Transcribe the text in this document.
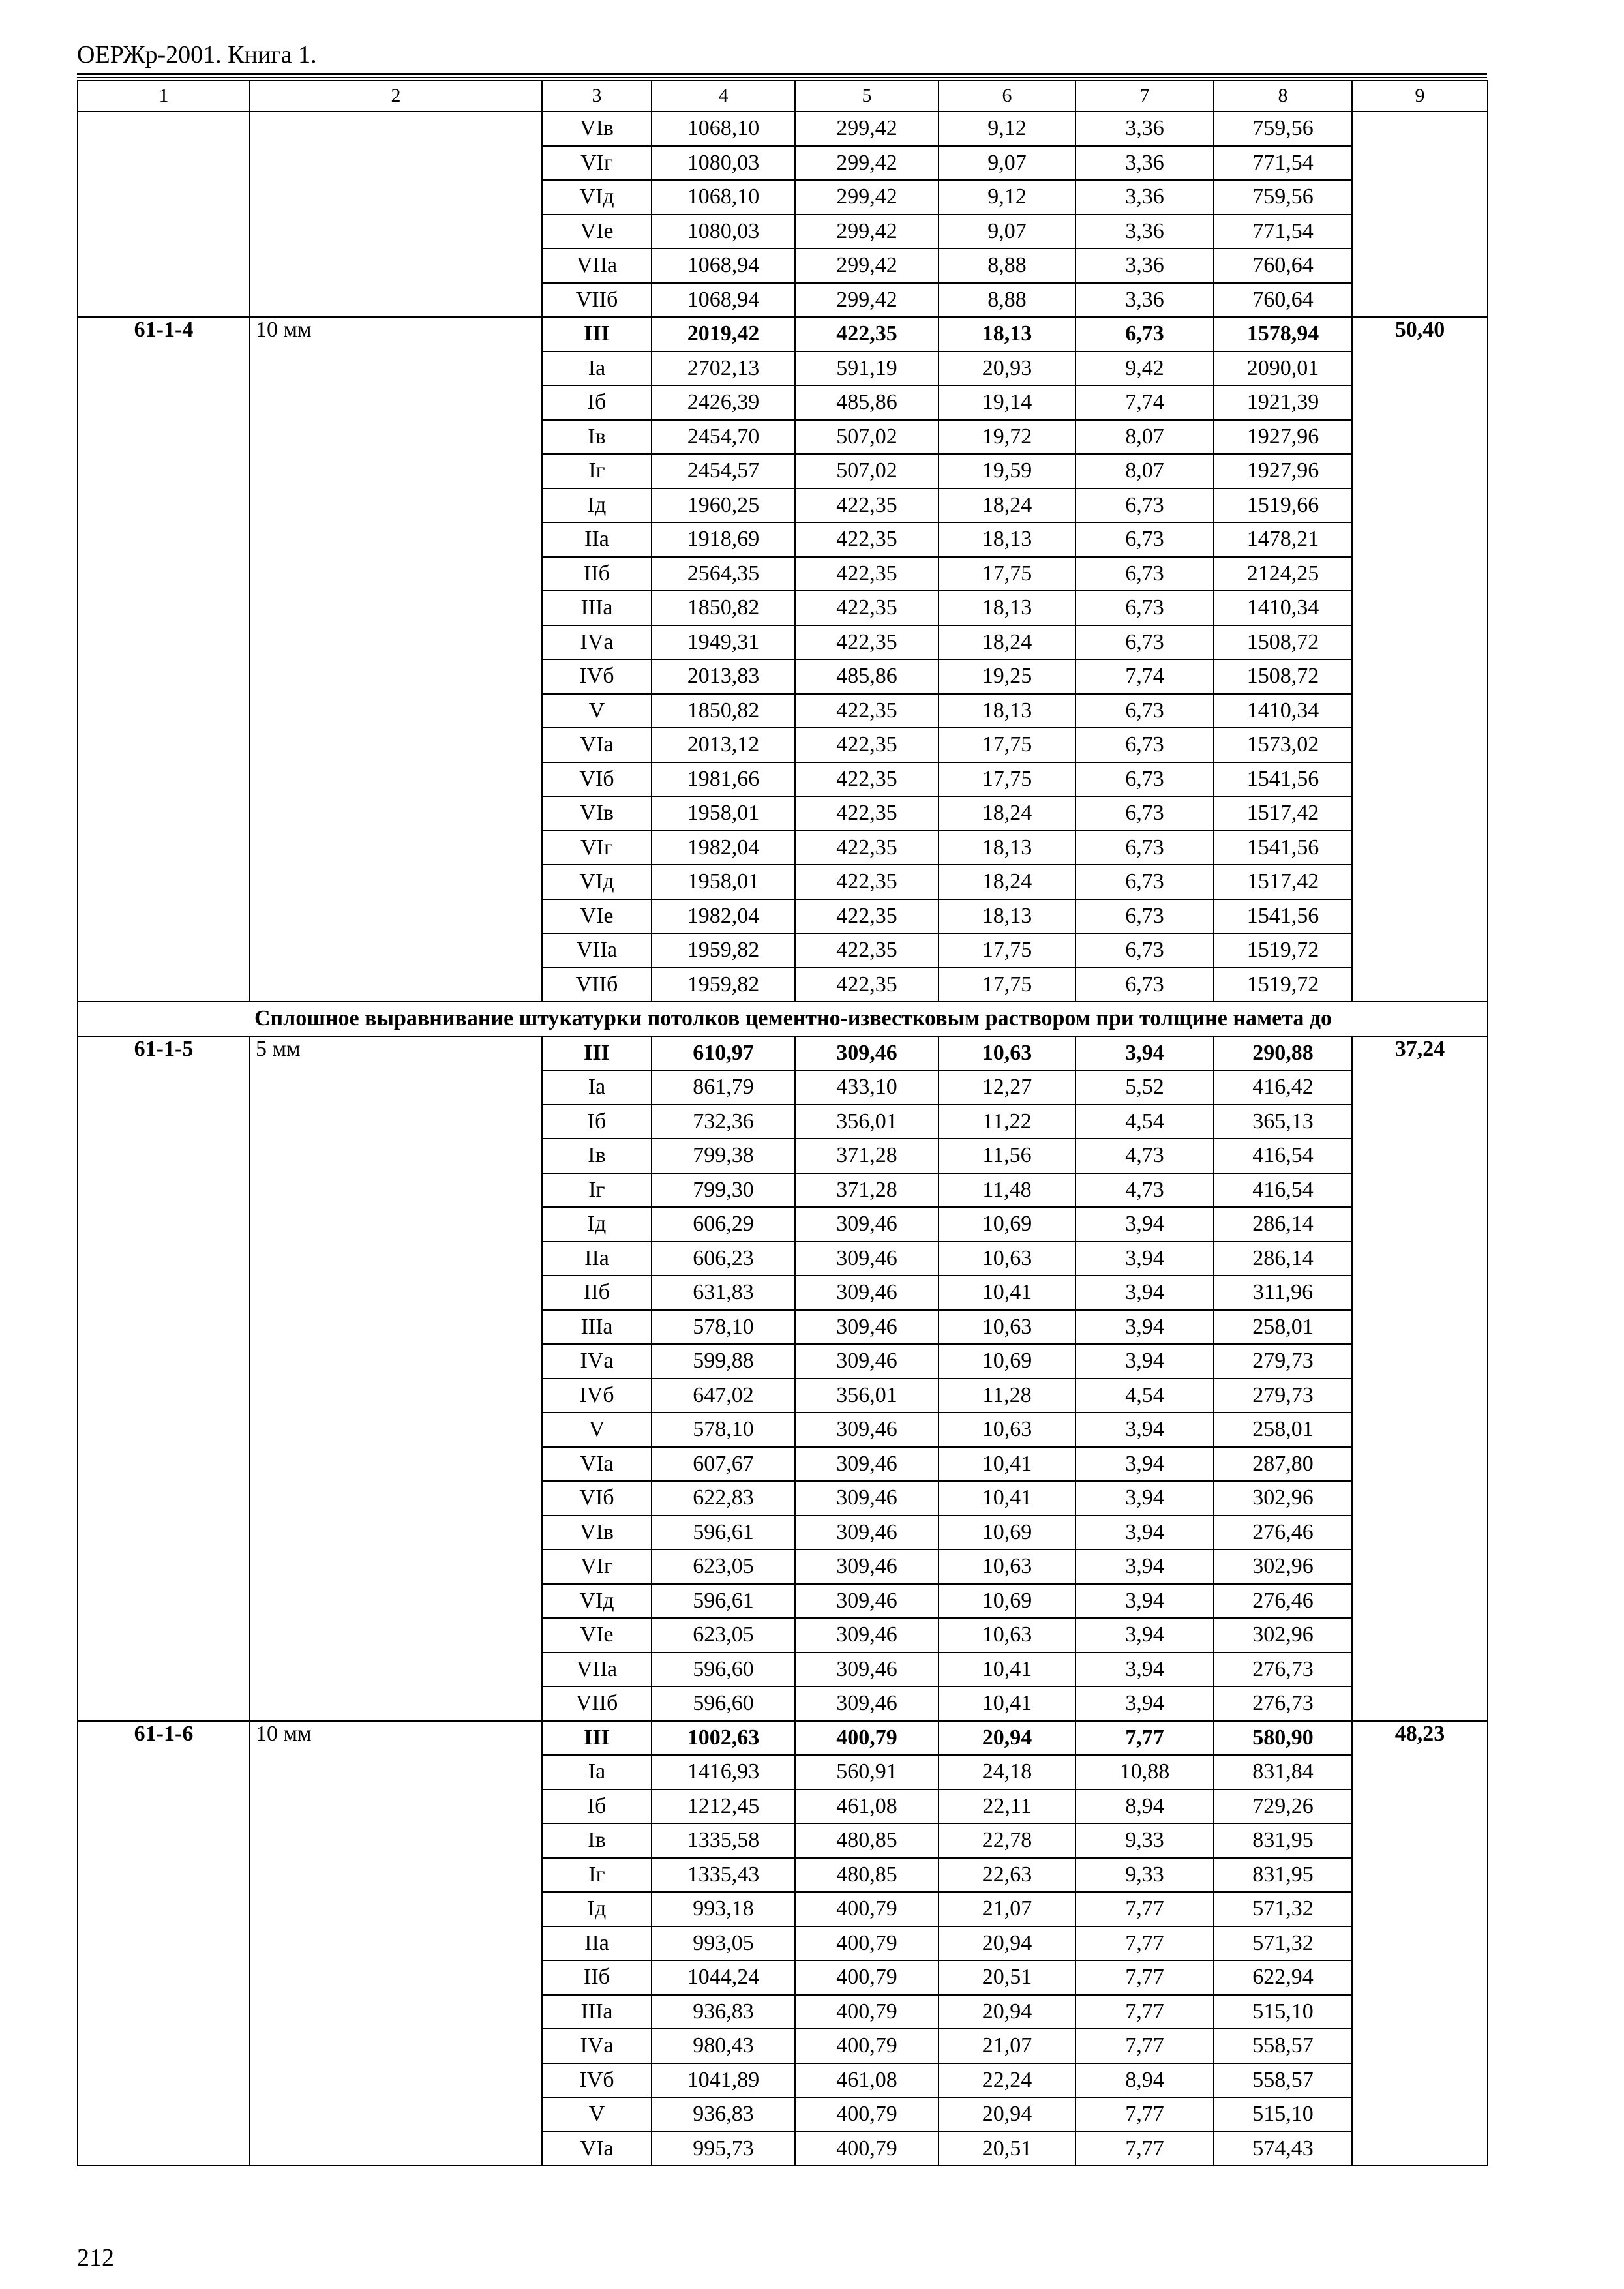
ОЕРЖр-2001. Книга 1.
1	2	3	4	5	6	7	8	9
		VIв	1068,10	299,42	9,12	3,36	759,56	
		VIг	1080,03	299,42	9,07	3,36	771,54	
		VIд	1068,10	299,42	9,12	3,36	759,56	
		VIе	1080,03	299,42	9,07	3,36	771,54	
		VIIа	1068,94	299,42	8,88	3,36	760,64	
		VIIб	1068,94	299,42	8,88	3,36	760,64	
61-1-4	10 мм	III	2019,42	422,35	18,13	6,73	1578,94	50,40
		Iа	2702,13	591,19	20,93	9,42	2090,01	
		Iб	2426,39	485,86	19,14	7,74	1921,39	
		Iв	2454,70	507,02	19,72	8,07	1927,96	
		Iг	2454,57	507,02	19,59	8,07	1927,96	
		Iд	1960,25	422,35	18,24	6,73	1519,66	
		IIа	1918,69	422,35	18,13	6,73	1478,21	
		IIб	2564,35	422,35	17,75	6,73	2124,25	
		IIIа	1850,82	422,35	18,13	6,73	1410,34	
		IVа	1949,31	422,35	18,24	6,73	1508,72	
		IVб	2013,83	485,86	19,25	7,74	1508,72	
		V	1850,82	422,35	18,13	6,73	1410,34	
		VIа	2013,12	422,35	17,75	6,73	1573,02	
		VIб	1981,66	422,35	17,75	6,73	1541,56	
		VIв	1958,01	422,35	18,24	6,73	1517,42	
		VIг	1982,04	422,35	18,13	6,73	1541,56	
		VIд	1958,01	422,35	18,24	6,73	1517,42	
		VIе	1982,04	422,35	18,13	6,73	1541,56	
		VIIа	1959,82	422,35	17,75	6,73	1519,72	
		VIIб	1959,82	422,35	17,75	6,73	1519,72	
Сплошное выравнивание штукатурки потолков цементно-известковым раствором при толщине намета до								
61-1-5	5 мм	III	610,97	309,46	10,63	3,94	290,88	37,24
		Iа	861,79	433,10	12,27	5,52	416,42	
		Iб	732,36	356,01	11,22	4,54	365,13	
		Iв	799,38	371,28	11,56	4,73	416,54	
		Iг	799,30	371,28	11,48	4,73	416,54	
		Iд	606,29	309,46	10,69	3,94	286,14	
		IIа	606,23	309,46	10,63	3,94	286,14	
		IIб	631,83	309,46	10,41	3,94	311,96	
		IIIа	578,10	309,46	10,63	3,94	258,01	
		IVа	599,88	309,46	10,69	3,94	279,73	
		IVб	647,02	356,01	11,28	4,54	279,73	
		V	578,10	309,46	10,63	3,94	258,01	
		VIа	607,67	309,46	10,41	3,94	287,80	
		VIб	622,83	309,46	10,41	3,94	302,96	
		VIв	596,61	309,46	10,69	3,94	276,46	
		VIг	623,05	309,46	10,63	3,94	302,96	
		VIд	596,61	309,46	10,69	3,94	276,46	
		VIе	623,05	309,46	10,63	3,94	302,96	
		VIIа	596,60	309,46	10,41	3,94	276,73	
		VIIб	596,60	309,46	10,41	3,94	276,73	
61-1-6	10 мм	III	1002,63	400,79	20,94	7,77	580,90	48,23
		Iа	1416,93	560,91	24,18	10,88	831,84	
		Iб	1212,45	461,08	22,11	8,94	729,26	
		Iв	1335,58	480,85	22,78	9,33	831,95	
		Iг	1335,43	480,85	22,63	9,33	831,95	
		Iд	993,18	400,79	21,07	7,77	571,32	
		IIа	993,05	400,79	20,94	7,77	571,32	
		IIб	1044,24	400,79	20,51	7,77	622,94	
		IIIа	936,83	400,79	20,94	7,77	515,10	
		IVа	980,43	400,79	21,07	7,77	558,57	
		IVб	1041,89	461,08	22,24	8,94	558,57	
		V	936,83	400,79	20,94	7,77	515,10	
		VIа	995,73	400,79	20,51	7,77	574,43	
212
